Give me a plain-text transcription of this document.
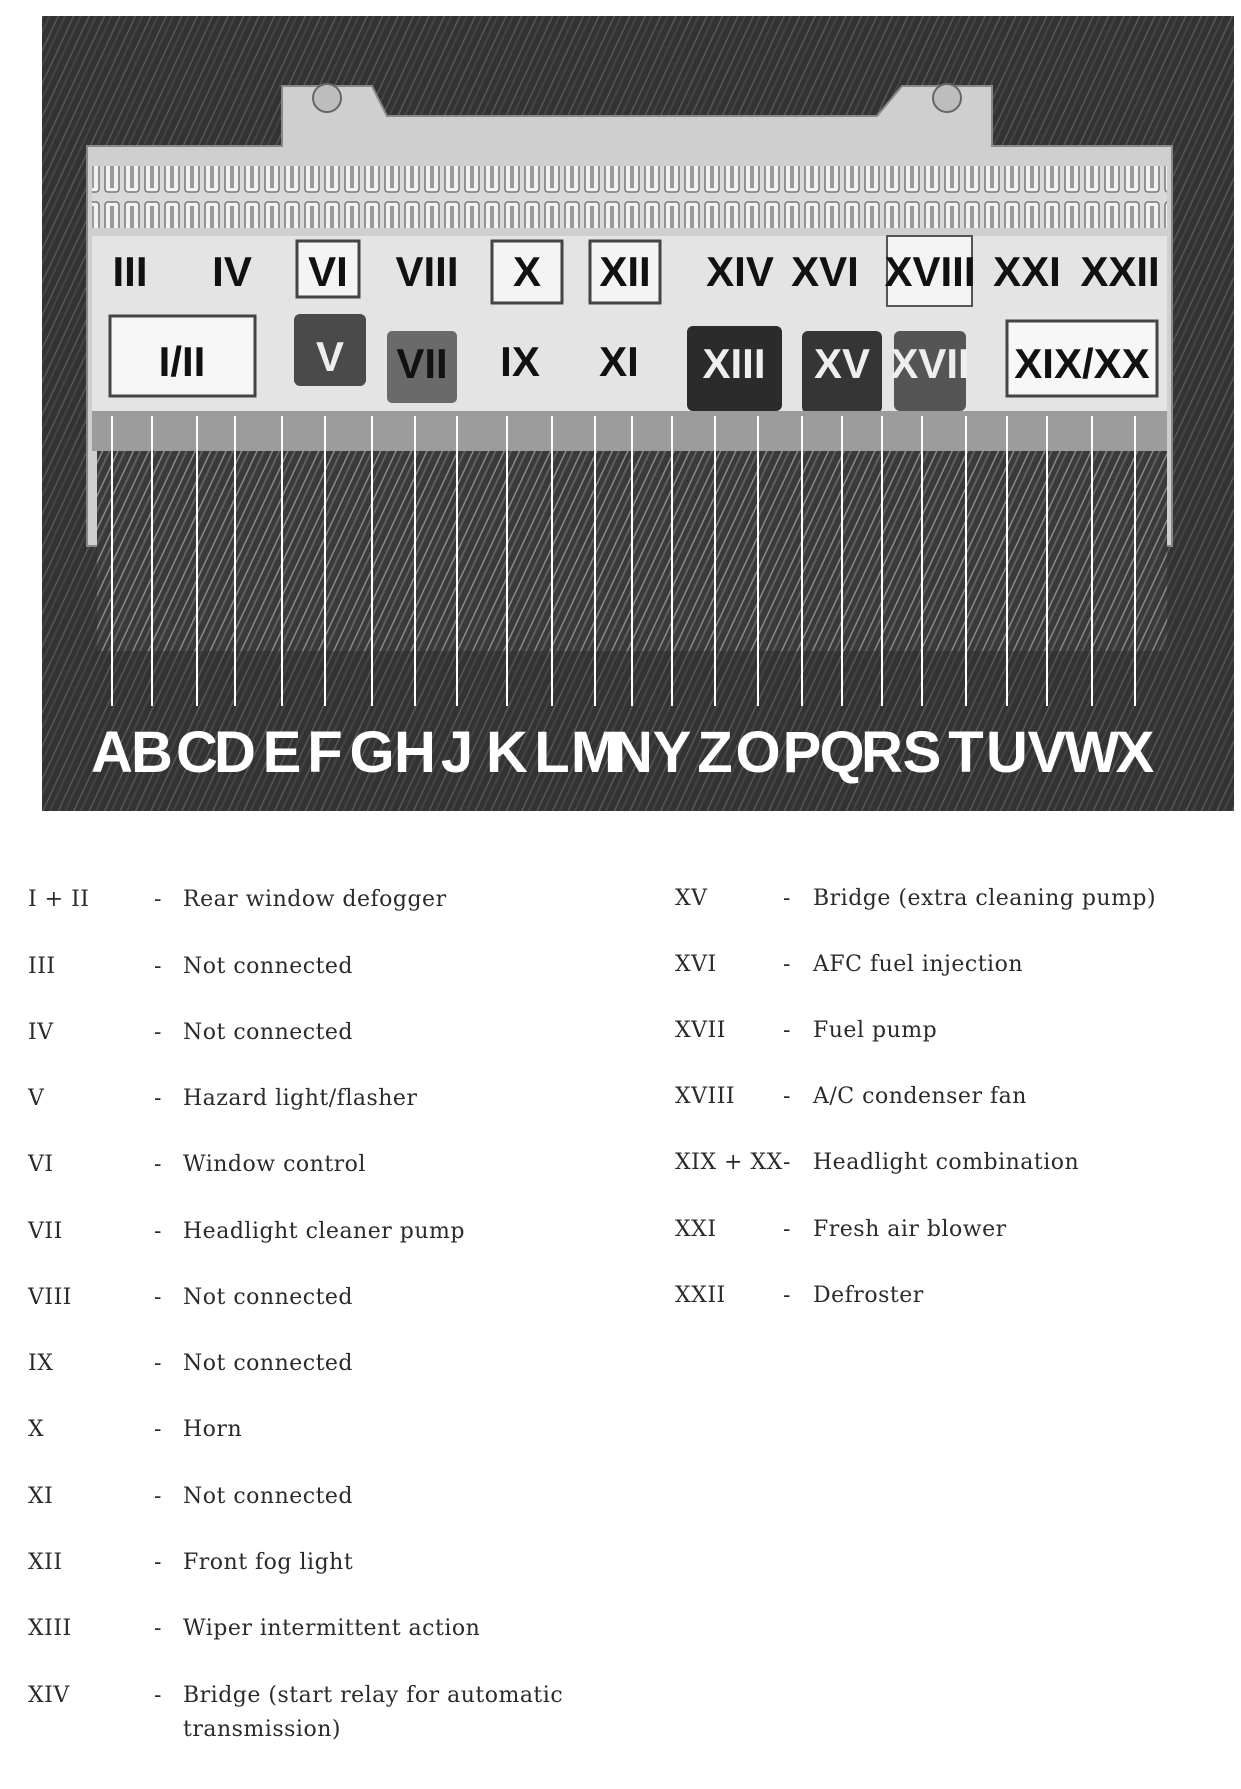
III IV VI VIII X XII XIV XVI XVIII XXI XXII
I/II	V VII IX XI XIII XV XVII XIX/XX
A
B C
D E F G H J K L M
N Y Z O P
Q
R S T U V
W
X
I + II	- Rear window defogger
III	- Not connected
IV	- Not connected
V	- Hazard light/flasher
VI	- Window control
VII	- Headlight cleaner pump
VIII	- Not connected
IX	- Not connected
X	- Horn
XI	- Not connected
XII	- Front fog light
XIII	- Wiper intermittent action
XIV	- Bridge (start relay for automatic transmission)
XV	- Bridge (extra cleaning pump)
XVI	- AFC fuel injection
XVII	- Fuel pump
XVIII - A/C condenser fan
XIX + XX - Headlight combination
XXI	- Fresh air blower
XXII	- Defroster
